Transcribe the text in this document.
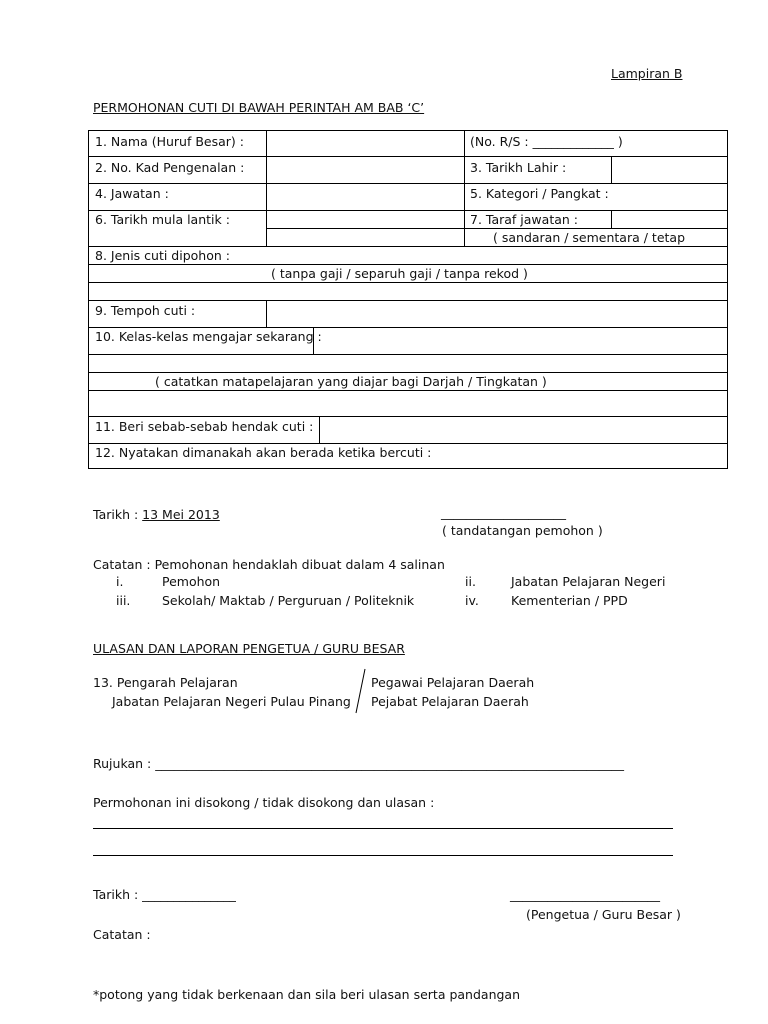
Lampiran B
PERMOHONAN CUTI DI BAWAH PERINTAH AM BAB ‘C’
1. Nama (Huruf Besar) :	(No. R/S : _____________ )
2. No. Kad Pengenalan :	3. Tarikh Lahir :
4. Jawatan :	5. Kategori / Pangkat :
6. Tarikh mula lantik :	7. Taraf jawatan :
( sandaran / sementara / tetap
8. Jenis cuti dipohon :
( tanpa gaji / separuh gaji / tanpa rekod )
9. Tempoh cuti :
10. Kelas-kelas mengajar sekarang :
( catatkan matapelajaran yang diajar bagi Darjah / Tingkatan )
11. Beri sebab-sebab hendak cuti :
12. Nyatakan dimanakah akan berada ketika bercuti :
Tarikh : 13 Mei 2013	____________________
( tandatangan pemohon )
Catatan : Pemohonan hendaklah dibuat dalam 4 salinan
i.	Pemohon	ii.	Jabatan Pelajaran Negeri
iii.	Sekolah/ Maktab / Perguruan / Politeknik	iv.	Kementerian / PPD
ULASAN DAN LAPORAN PENGETUA / GURU BESAR
13. Pengarah Pelajaran
Jabatan Pelajaran Negeri Pulau Pinang
Pegawai Pelajaran Daerah
Pejabat Pelajaran Daerah
Rujukan : ___________________________________________________________________________
Permohonan ini disokong / tidak disokong dan ulasan :
Tarikh : _______________	________________________
(Pengetua / Guru Besar )
Catatan :
*potong yang tidak berkenaan dan sila beri ulasan serta pandangan
